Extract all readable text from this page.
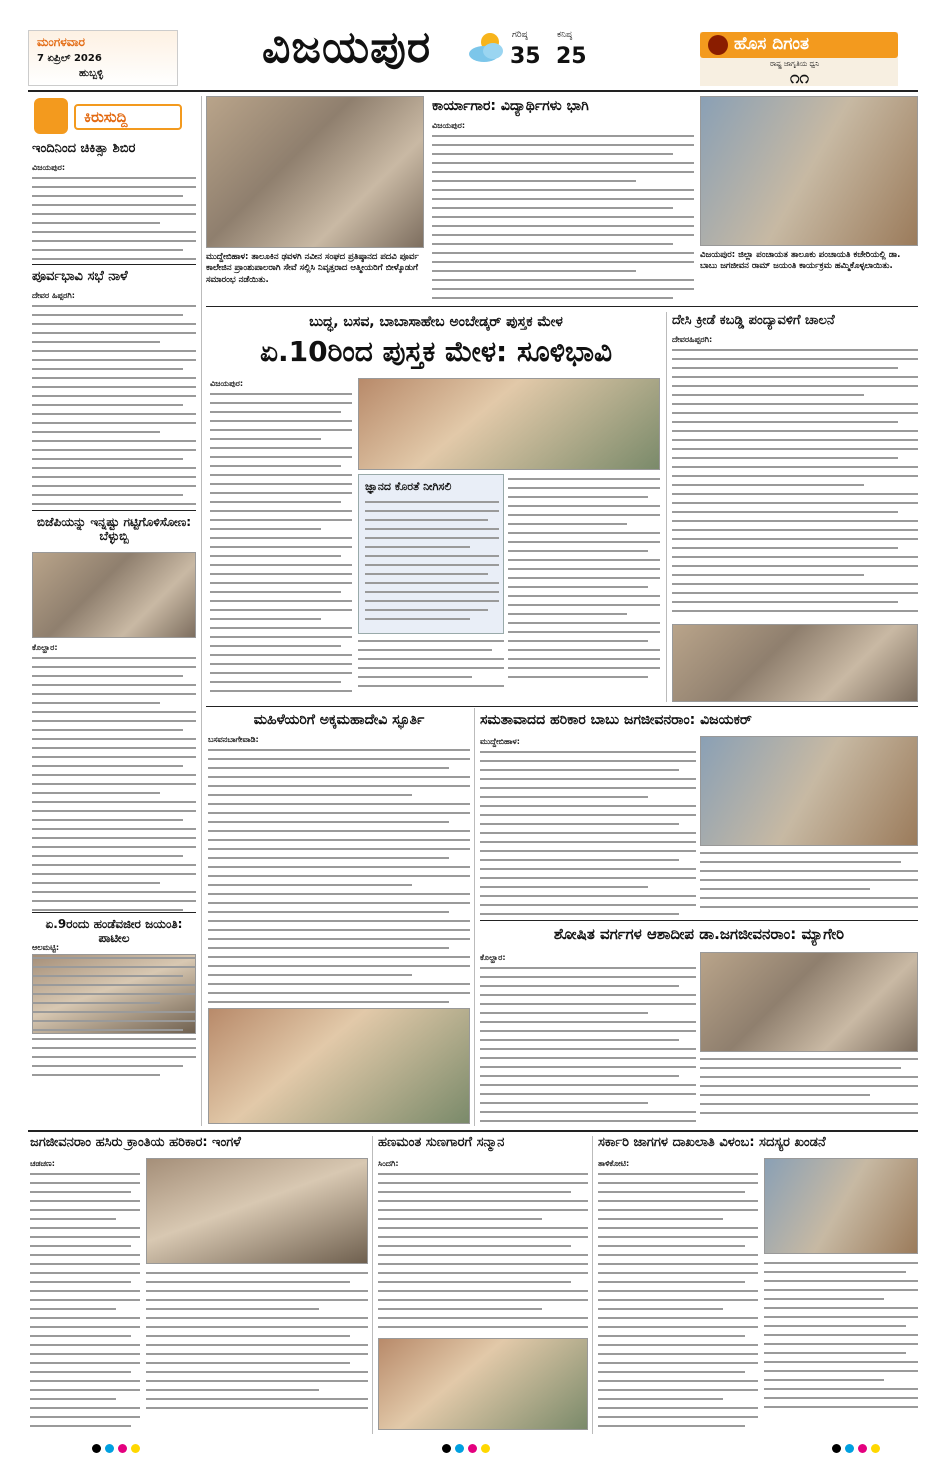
ಮಂಗಳವಾರ
7 ಏಪ್ರಿಲ್ 2026
ಹುಬ್ಬಳ್ಳಿ
ವಿಜಯಪುರ	ಗರಿಷ್ಠ
35
ಕನಿಷ್ಠ
25	ಹೊಸ ದಿಗಂತ
ರಾಷ್ಟ್ರ ಜಾಗೃತಿಯ ಧ್ವನಿ
೧೧
ಕಿರುಸುದ್ದಿ
ಇಂದಿನಿಂದ ಚಿಕಿತ್ಸಾ ಶಿಬಿರ
ವಿಜಯಪುರ:
ಪೂರ್ವಭಾವಿ ಸಭೆ ನಾಳೆ
ದೇವರ ಹಿಪ್ಪರಗಿ:
ಬಿಜೆಪಿಯನ್ನು ಇನ್ನಷ್ಟು ಗಟ್ಟಿಗೊಳಿಸೋಣ: ಬೆಳ್ಳುಬ್ಬಿ
ಕೊಲ್ಹಾರ:
ಏ.9ರಂದು ಹಂಡೆವಜೀರ ಜಯಂತಿ: ಪಾಟೀಲ
ಆಲಮಟ್ಟಿ:
ಮುದ್ದೇಬಿಹಾಳ: ತಾಲೂಕಿನ ಢವಳಗಿ ನವೀನ ಸಂಘದ ಪ್ರತಿಷ್ಠಾನದ ಪದವಿ ಪೂರ್ವ ಕಾಲೇಜಿನ ಪ್ರಾಂಶುಪಾಲರಾಗಿ ಸೇವೆ ಸಲ್ಲಿಸಿ ನಿವೃತ್ತರಾದ ಆತ್ಮೀಯರಿಗೆ ಬೀಳ್ಕೊಡುಗೆ ಸಮಾರಂಭ ನಡೆಯಿತು.
ಕಾರ್ಯಾಗಾರ: ವಿದ್ಯಾರ್ಥಿಗಳು ಭಾಗಿ
ವಿಜಯಪುರ:
ವಿಜಯಪುರ: ಜಿಲ್ಲಾ ಪಂಚಾಯತ ತಾಲೂಕು ಪಂಚಾಯತಿ ಕಚೇರಿಯಲ್ಲಿ ಡಾ. ಬಾಬು ಜಗಜೀವನ ರಾಮ್ ಜಯಂತಿ ಕಾರ್ಯಕ್ರಮ ಹಮ್ಮಿಕೊಳ್ಳಲಾಯಿತು.
ಬುದ್ಧ, ಬಸವ, ಬಾಬಾಸಾಹೇಬ ಅಂಬೇಡ್ಕರ್ ಪುಸ್ತಕ ಮೇಳ
ಏ.10ರಿಂದ ಪುಸ್ತಕ ಮೇಳ: ಸೂಳಿಭಾವಿ
ವಿಜಯಪುರ:
ಜ್ಞಾನದ ಕೊರತೆ ನೀಗಿಸಲಿ
ದೇಸಿ ಕ್ರೀಡೆ ಕಬಡ್ಡಿ ಪಂದ್ಯಾವಳಿಗೆ ಚಾಲನೆ
ದೇವರಹಿಪ್ಪರಗಿ:
ಮಹಿಳೆಯರಿಗೆ ಅಕ್ಕಮಹಾದೇವಿ ಸ್ಫೂರ್ತಿ
ಬಸವನಬಾಗೇವಾಡಿ:
ಸಮತಾವಾದದ ಹರಿಕಾರ ಬಾಬು ಜಗಜೀವನರಾಂ: ವಿಜಯಕರ್
ಮುದ್ದೇಬಿಹಾಳ:
ಶೋಷಿತ ವರ್ಗಗಳ ಆಶಾದೀಪ ಡಾ.ಜಗಜೀವನರಾಂ: ಮ್ಯಾಗೇರಿ
ಕೊಲ್ಹಾರ:
ಜಗಜೀವನರಾಂ ಹಸಿರು ಕ್ರಾಂತಿಯ ಹರಿಕಾರ: ಇಂಗಳೆ
ಚಡಚಣ:
ಹಣಮಂತ ಸುಣಗಾರಗೆ ಸನ್ಮಾನ
ಸಿಂದಗಿ:
ಸರ್ಕಾರಿ ಜಾಗಗಳ ದಾಖಲಾತಿ ವಿಳಂಬ: ಸದಸ್ಯರ ಖಂಡನೆ
ತಾಳಿಕೋಟಿ:
